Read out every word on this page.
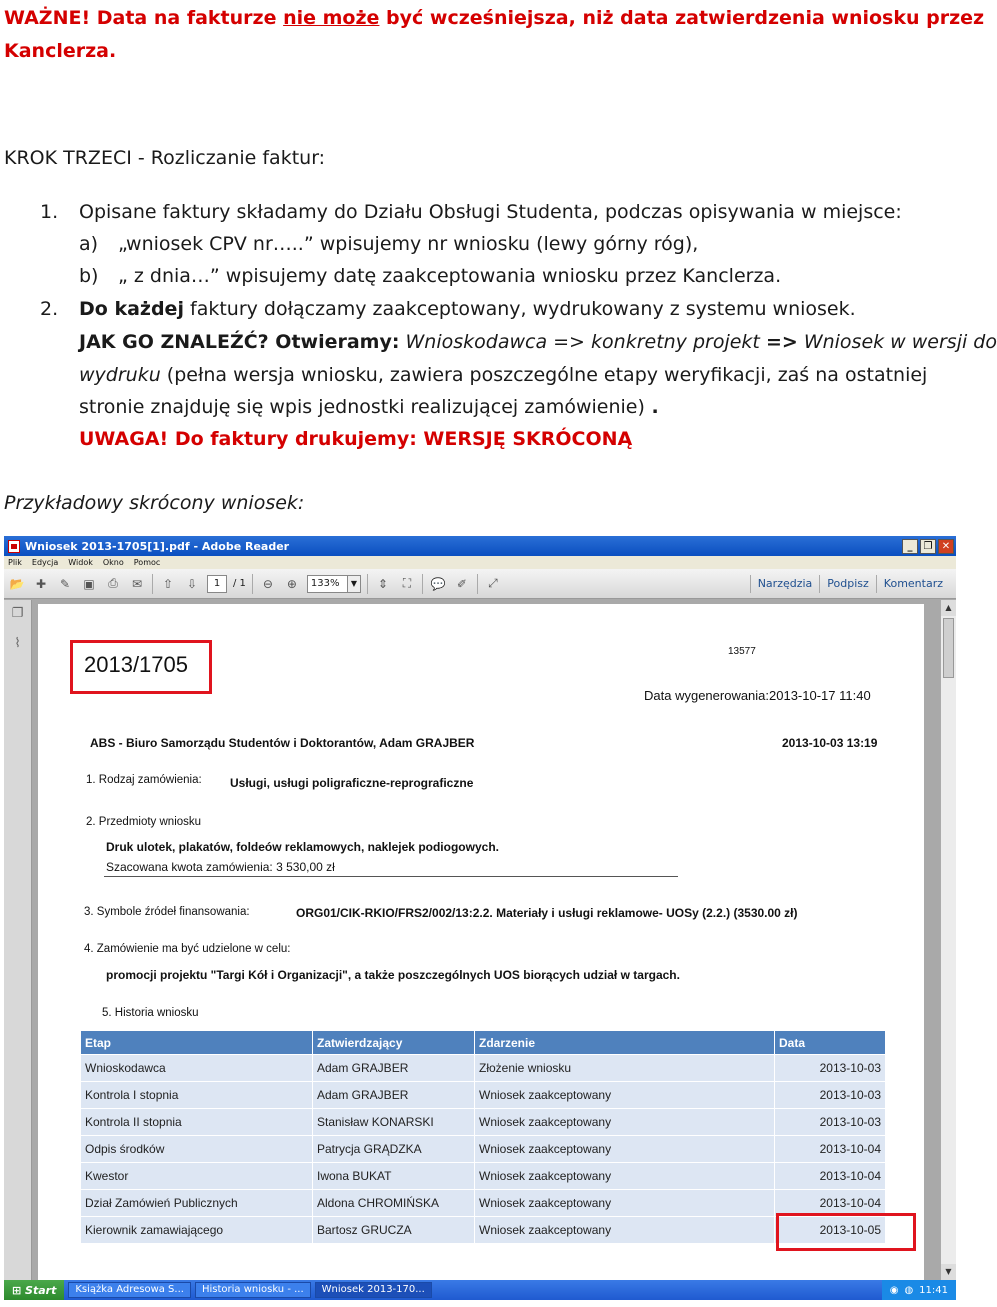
WAŻNE! Data na fakturze nie może być wcześniejsza, niż data zatwierdzenia wniosku przez
Kanclerza.
KROK TRZECI - Rozliczanie faktur:
1. Opisane faktury składamy do Działu Obsługi Studenta, podczas opisywania w miejsce:
a) „wniosek CPV nr…..” wpisujemy nr wniosku (lewy górny róg),
b) „ z dnia…” wpisujemy datę zaakceptowania wniosku przez Kanclerza.
2. Do każdej faktury dołączamy zaakceptowany, wydrukowany z systemu wniosek.
JAK GO ZNALEŹĆ? Otwieramy: Wnioskodawca => konkretny projekt => Wniosek w wersji do
wydruku (pełna wersja wniosku, zawiera poszczególne etapy weryfikacji, zaś na ostatniej
stronie znajduję się wpis jednostki realizującej zamówienie) .
UWAGA! Do faktury drukujemy: WERSJĘ SKRÓCONĄ
Przykładowy skrócony wniosek:
Wniosek 2013-1705[1].pdf - Adobe Reader	_	❐ ✕
Plik Edycja Widok Okno Pomoc
📂 ✚	✎	▣	⎙	✉	⇧	⇩	1	/ 1	⊖	⊕	133%	▼	⇕	⛶	💬 ✐	⤢	Narzędzia	Podpisz	Komentarz
❐
⌇
2013/1705
13577
Data wygenerowania:2013-10-17 11:40
ABS - Biuro Samorządu Studentów i Doktorantów, Adam GRAJBER	2013-10-03 13:19
1. Rodzaj zamówienia: Usługi, usługi poligraficzne-reprograficzne
2. Przedmioty wniosku
Druk ulotek, plakatów, foldeów reklamowych, naklejek podiogowych.
Szacowana kwota zamówienia: 3 530,00 zł
3. Symbole źródeł finansowania:	ORG01/CIK-RKIO/FRS2/002/13:2.2. Materiały i usługi reklamowe- UOSy (2.2.) (3530.00 zł)
4. Zamówienie ma być udzielone w celu:
promocji projektu "Targi Kół i Organizacji", a także poszczególnych UOS biorących udział w targach.
5. Historia wniosku
Etap	Zatwierdzający	Zdarzenie	Data
Wnioskodawca	Adam GRAJBER	Złożenie wniosku	2013-10-03
Kontrola I stopnia	Adam GRAJBER	Wniosek zaakceptowany	2013-10-03
Kontrola II stopnia	Stanisław KONARSKI	Wniosek zaakceptowany	2013-10-03
Odpis środków	Patrycja GRĄDZKA	Wniosek zaakceptowany	2013-10-04
Kwestor	Iwona BUKAT	Wniosek zaakceptowany	2013-10-04
Dział Zamówień Publicznych	Aldona CHROMIŃSKA	Wniosek zaakceptowany	2013-10-04
Kierownik zamawiającego	Bartosz GRUCZA	Wniosek zaakceptowany	2013-10-05
▲
▼
⊞ Start	Książka Adresowa S...	Historia wniosku - ...	Wniosek 2013-170...	◉ ◍ 11:41
